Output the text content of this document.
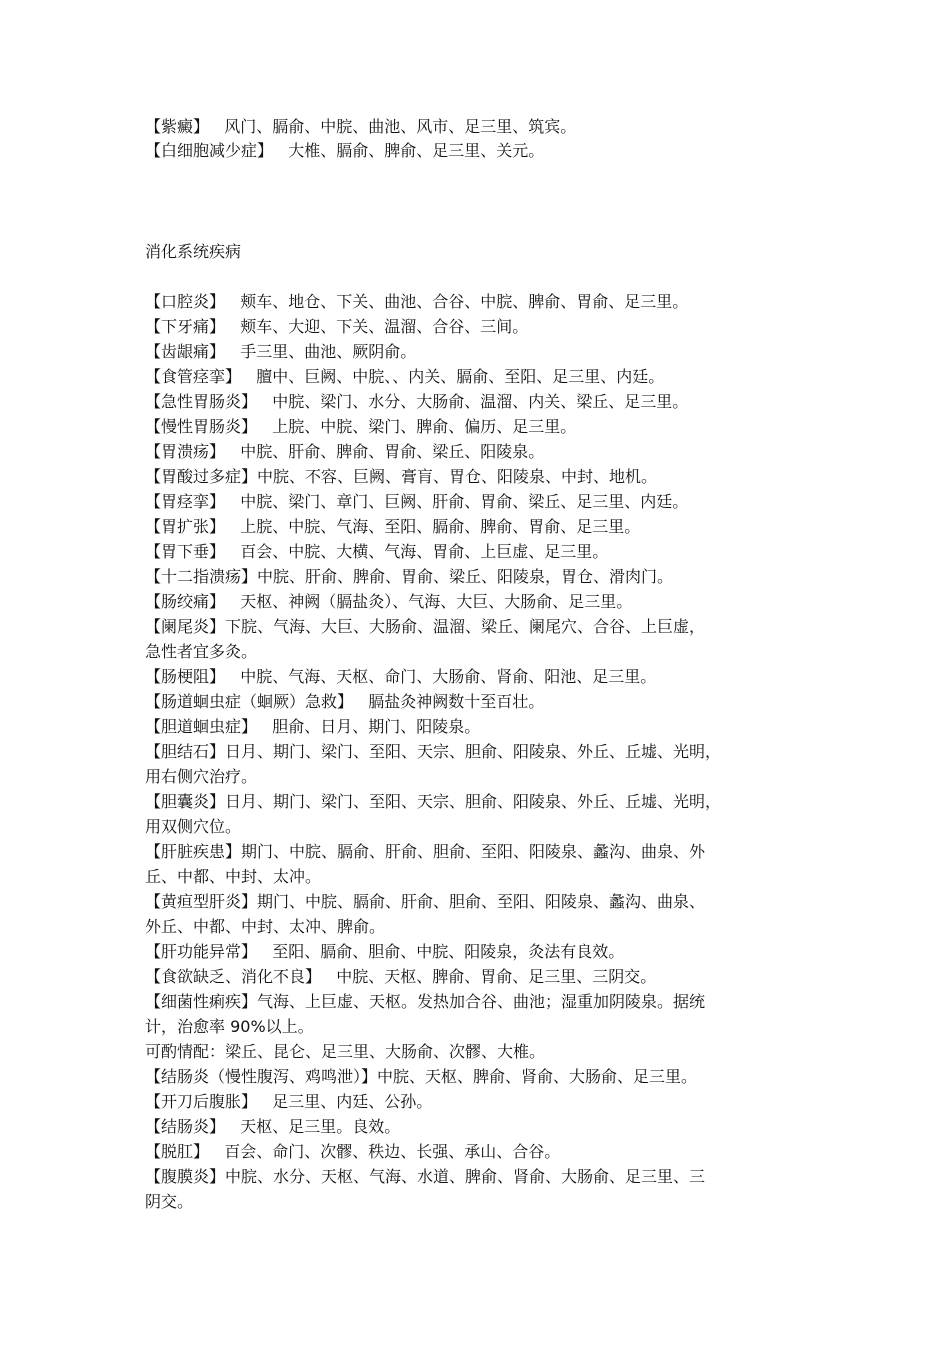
【紫癜】   风门、膈俞、中脘、曲池、风市、足三里、筑宾。
【白细胞减少症】   大椎、膈俞、脾俞、足三里、关元。
消化系统疾病
【口腔炎】   颊车、地仓、下关、曲池、合谷、中脘、脾俞、胃俞、足三里。
【下牙痛】   颊车、大迎、下关、温溜、合谷、三间。
【齿龈痛】   手三里、曲池、厥阴俞。
【食管痉挛】   膻中、巨阙、中脘、、内关、膈俞、至阳、足三里、内廷。
【急性胃肠炎】   中脘、梁门、水分、大肠俞、温溜、内关、梁丘、足三里。
【慢性胃肠炎】   上脘、中脘、梁门、脾俞、偏历、足三里。
【胃溃疡】   中脘、肝俞、脾俞、胃俞、梁丘、阳陵泉。
【胃酸过多症】中脘、不容、巨阙、膏肓、胃仓、阳陵泉、中封、地机。
【胃痉挛】   中脘、梁门、章门、巨阙、肝俞、胃俞、梁丘、足三里、内廷。
【胃扩张】   上脘、中脘、气海、至阳、膈俞、脾俞、胃俞、足三里。
【胃下垂】   百会、中脘、大横、气海、胃俞、上巨虚、足三里。
【十二指溃疡】中脘、肝俞、脾俞、胃俞、梁丘、阳陵泉，胃仓、滑肉门。
【肠绞痛】   天枢、神阙（膈盐灸）、气海、大巨、大肠俞、足三里。
【阑尾炎】下脘、气海、大巨、大肠俞、温溜、梁丘、阑尾穴、合谷、上巨虚，
急性者宜多灸。
【肠梗阻】   中脘、气海、天枢、命门、大肠俞、肾俞、阳池、足三里。
【肠道蛔虫症（蛔厥）急救】   膈盐灸神阙数十至百壮。
【胆道蛔虫症】   胆俞、日月、期门、阳陵泉。
【胆结石】日月、期门、梁门、至阳、天宗、胆俞、阳陵泉、外丘、丘墟、光明，
用右侧穴治疗。
【胆囊炎】日月、期门、梁门、至阳、天宗、胆俞、阳陵泉、外丘、丘墟、光明，
用双侧穴位。
【肝脏疾患】期门、中脘、膈俞、肝俞、胆俞、至阳、阳陵泉、蠡沟、曲泉、外
丘、中都、中封、太冲。
【黄疸型肝炎】期门、中脘、膈俞、肝俞、胆俞、至阳、阳陵泉、蠡沟、曲泉、
外丘、中都、中封、太冲、脾俞。
【肝功能异常】   至阳、膈俞、胆俞、中脘、阳陵泉，灸法有良效。
【食欲缺乏、消化不良】   中脘、天枢、脾俞、胃俞、足三里、三阴交。
【细菌性痢疾】气海、上巨虚、天枢。发热加合谷、曲池；湿重加阴陵泉。据统
计，治愈率 90%以上。
可酌情配：梁丘、昆仑、足三里、大肠俞、次髎、大椎。
【结肠炎（慢性腹泻、鸡鸣泄）】中脘、天枢、脾俞、肾俞、大肠俞、足三里。
【开刀后腹胀】   足三里、内廷、公孙。
【结肠炎】   天枢、足三里。良效。
【脱肛】   百会、命门、次髎、秩边、长强、承山、合谷。
【腹膜炎】中脘、水分、天枢、气海、水道、脾俞、肾俞、大肠俞、足三里、三
阴交。
